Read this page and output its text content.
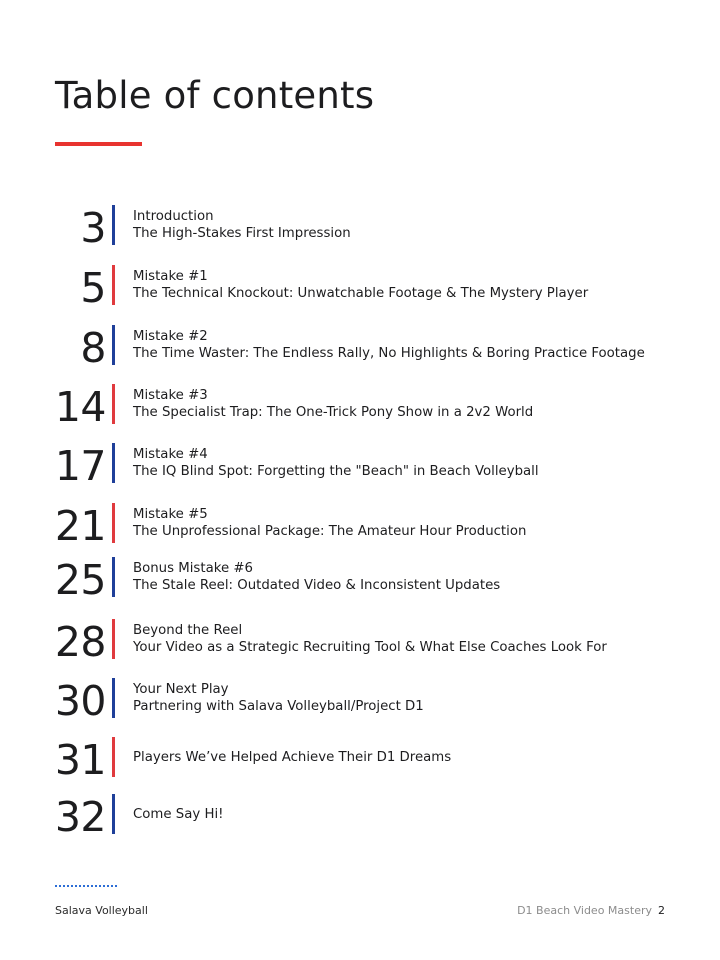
Table of contents
3 Introduction
The High-Stakes First Impression
5 Mistake #1
The Technical Knockout: Unwatchable Footage & The Mystery Player
8 Mistake #2
The Time Waster: The Endless Rally, No Highlights & Boring Practice Footage
14 Mistake #3
The Specialist Trap: The One-Trick Pony Show in a 2v2 World
17 Mistake #4
The IQ Blind Spot: Forgetting the "Beach" in Beach Volleyball
21 Mistake #5
The Unprofessional Package: The Amateur Hour Production
25 Bonus Mistake #6
The Stale Reel: Outdated Video & Inconsistent Updates
28 Beyond the Reel
Your Video as a Strategic Recruiting Tool & What Else Coaches Look For
30 Your Next Play
Partnering with Salava Volleyball/Project D1
31 Players We’ve Helped Achieve Their D1 Dreams
32 Come Say Hi!
Salava Volleyball	D1 Beach Video Mastery 2
